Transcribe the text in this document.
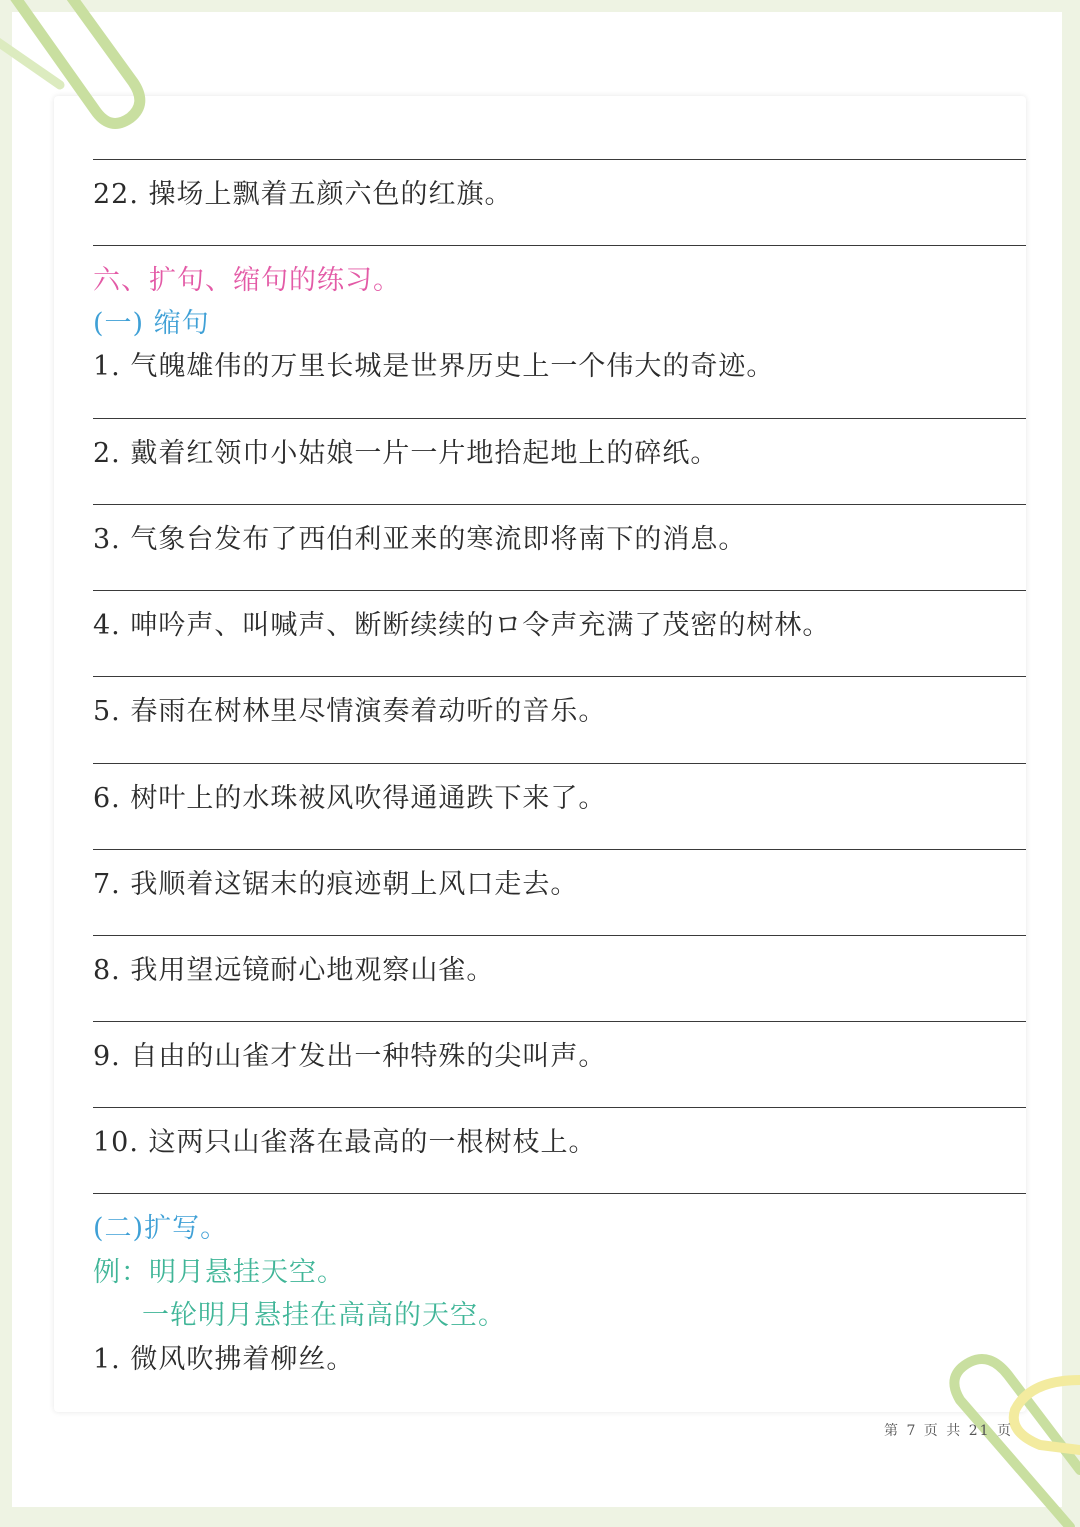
22. 操场上飘着五颜六色的红旗。
六、扩句、缩句的练习。
(一) 缩句
1. 气魄雄伟的万里长城是世界历史上一个伟大的奇迹。
2. 戴着红领巾小姑娘一片一片地拾起地上的碎纸。
3. 气象台发布了西伯利亚来的寒流即将南下的消息。
4. 呻吟声、叫喊声、断断续续的ロ令声充满了茂密的树林。
5. 春雨在树林里尽情演奏着动听的音乐。
6. 树叶上的水珠被风吹得通通跌下来了。
7. 我顺着这锯末的痕迹朝上风口走去。
8. 我用望远镜耐心地观察山雀。
9. 自由的山雀才发出一种特殊的尖叫声。
10. 这两只山雀落在最高的一根树枝上。
(二)扩写。
例：明月悬挂天空。
一轮明月悬挂在高高的天空。
1. 微风吹拂着柳丝。
第 7 页 共 21 页
